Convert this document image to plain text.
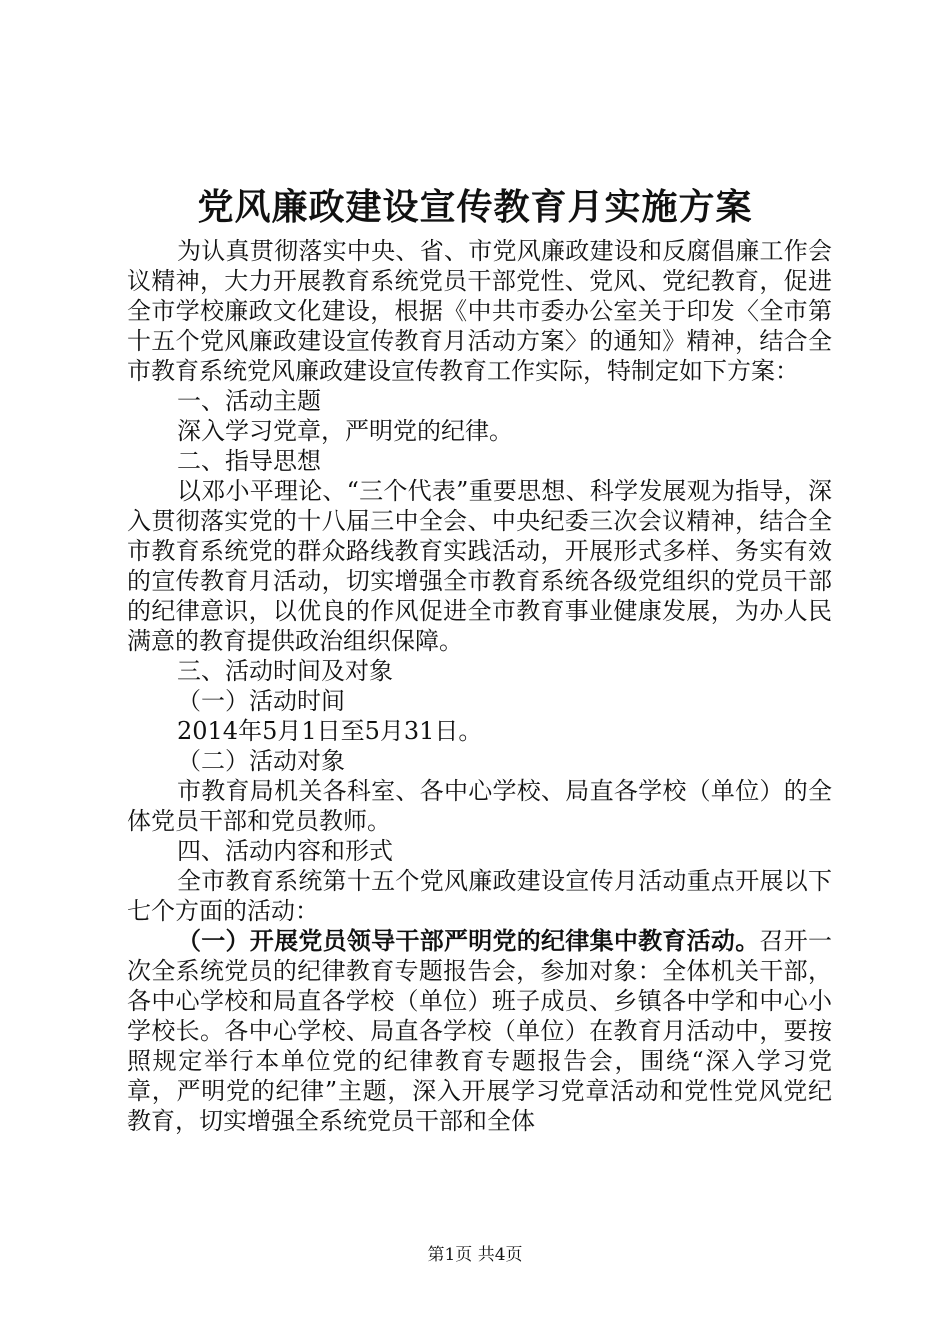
党风廉政建设宣传教育月实施方案

为认真贯彻落实中央、省、市党风廉政建设和反腐倡廉工作会议精神，大力开展教育系统党员干部党性、党风、党纪教育，促进全市学校廉政文化建设，根据《中共市委办公室关于印发〈全市第十五个党风廉政建设宣传教育月活动方案〉的通知》精神，结合全市教育系统党风廉政建设宣传教育工作实际，特制定如下方案：

一、活动主题

深入学习党章，严明党的纪律。

二、指导思想

以邓小平理论、“三个代表”重要思想、科学发展观为指导，深入贯彻落实党的十八届三中全会、中央纪委三次会议精神，结合全市教育系统党的群众路线教育实践活动，开展形式多样、务实有效的宣传教育月活动，切实增强全市教育系统各级党组织的党员干部的纪律意识，以优良的作风促进全市教育事业健康发展，为办人民满意的教育提供政治组织保障。

三、活动时间及对象

（一）活动时间

2014年5月1日至5月31日。

（二）活动对象

市教育局机关各科室、各中心学校、局直各学校（单位）的全体党员干部和党员教师。

四、活动内容和形式

全市教育系统第十五个党风廉政建设宣传月活动重点开展以下七个方面的活动：

（一）开展党员领导干部严明党的纪律集中教育活动。召开一次全系统党员的纪律教育专题报告会，参加对象：全体机关干部，各中心学校和局直各学校（单位）班子成员、乡镇各中学和中心小学校长。各中心学校、局直各学校（单位）在教育月活动中，要按照规定举行本单位党的纪律教育专题报告会，围绕“深入学习党章，严明党的纪律”主题，深入开展学习党章活动和党性党风党纪教育，切实增强全系统党员干部和全体

第1页 共4页
